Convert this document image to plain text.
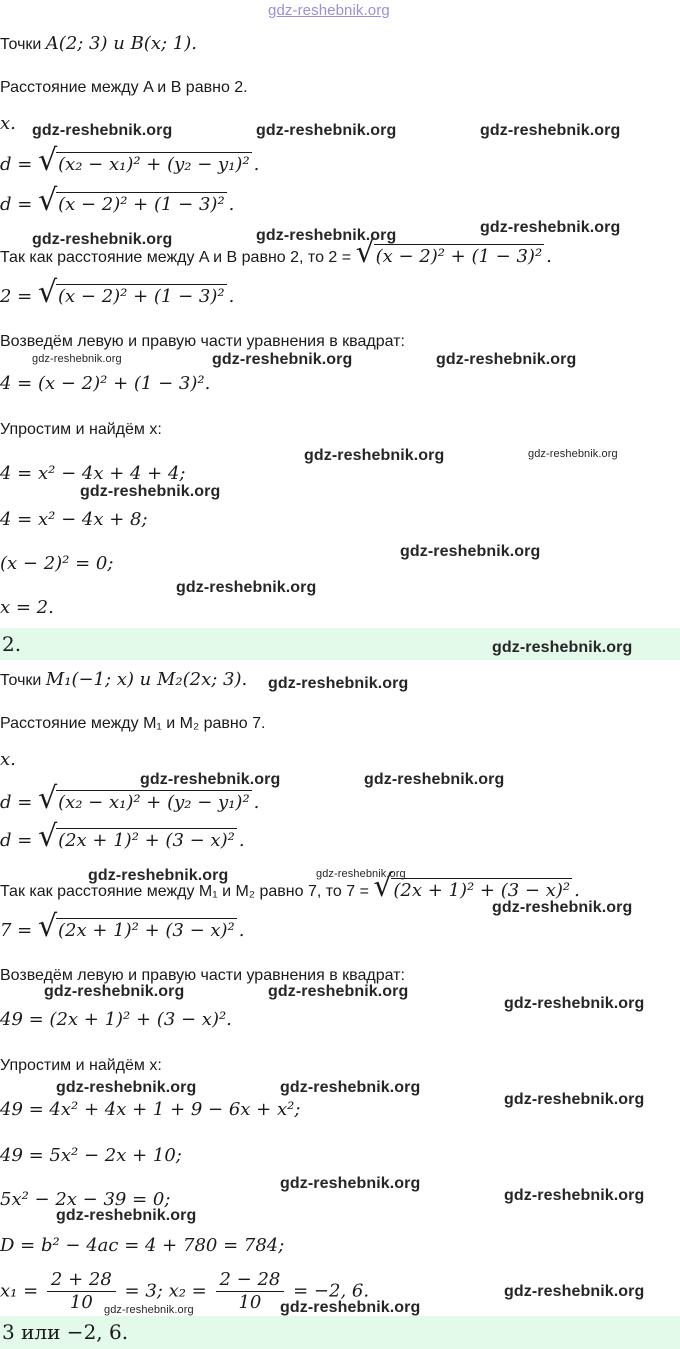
gdz-reshebnik.org
Точки A(2; 3) и B(x; 1).
Расстояние между A и B равно 2.
x.
d = √ (x₂ − x₁)² + (y₂ − y₁)² .
d = √ (x − 2)² + (1 − 3)² .
Так как расстояние между A и B равно 2, то 2 = √ (x − 2)² + (1 − 3)² .
2 = √ (x − 2)² + (1 − 3)² .
Возведём левую и правую части уравнения в квадрат:
4 = (x − 2)² + (1 − 3)².
Упростим и найдём x:
4 = x² − 4x + 4 + 4;
4 = x² − 4x + 8;
(x − 2)² = 0;
x = 2.
2.
Точки M₁(−1; x) и M₂(2x; 3).
Расстояние между M₁ и M₂ равно 7.
x.
d = √ (x₂ − x₁)² + (y₂ − y₁)² .
d = √ (2x + 1)² + (3 − x)² .
Так как расстояние между M₁ и M₂ равно 7, то 7 = √ (2x + 1)² + (3 − x)² .
7 = √ (2x + 1)² + (3 − x)² .
Возведём левую и правую части уравнения в квадрат:
49 = (2x + 1)² + (3 − x)².
Упростим и найдём x:
49 = 4x² + 4x + 1 + 9 − 6x + x²;
49 = 5x² − 2x + 10;
5x² − 2x − 39 = 0;
D = b² − 4ac = 4 + 780 = 784;
$x_1 = \frac{2 + 28}{10} = 3$; $x_2 = \frac{2 - 28}{10} = -2$, 6.
3 или −2, 6.
gdz-reshebnik.org	gdz-reshebnik.org	gdz-reshebnik.org
gdz-reshebnik.org	gdz-reshebnik.org	gdz-reshebnik.org
gdz-reshebnik.org	gdz-reshebnik.org	gdz-reshebnik.org
gdz-reshebnik.org	gdz-reshebnik.org
gdz-reshebnik.org
gdz-reshebnik.org
gdz-reshebnik.org
gdz-reshebnik.org
gdz-reshebnik.org
gdz-reshebnik.org	gdz-reshebnik.org
gdz-reshebnik.org	gdz-reshebnik.org
gdz-reshebnik.org
gdz-reshebnik.org	gdz-reshebnik.org
gdz-reshebnik.org
gdz-reshebnik.org	gdz-reshebnik.org
gdz-reshebnik.org
gdz-reshebnik.org
gdz-reshebnik.org
gdz-reshebnik.org
gdz-reshebnik.org
gdz-reshebnik.org	gdz-reshebnik.org
